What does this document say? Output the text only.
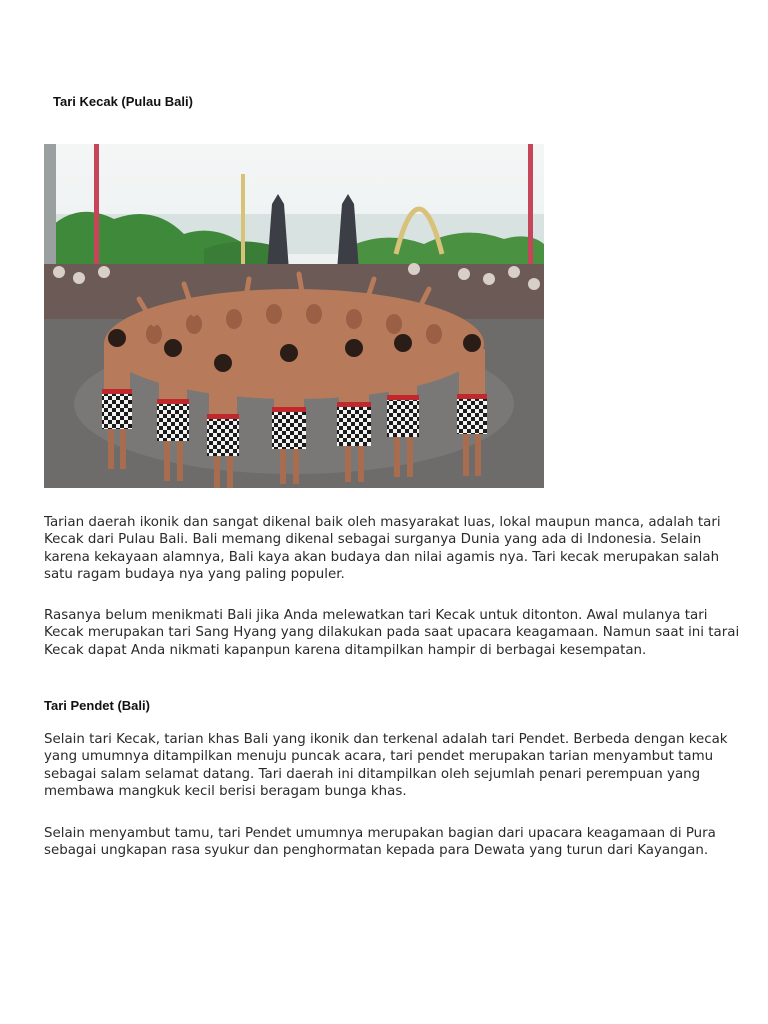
Tari Kecak (Pulau Bali)
Tarian daerah ikonik dan sangat dikenal baik oleh masyarakat luas, lokal maupun manca, adalah tari Kecak dari Pulau Bali. Bali memang dikenal sebagai surganya Dunia yang ada di Indonesia. Selain karena kekayaan alamnya, Bali kaya akan budaya dan nilai agamis nya. Tari kecak merupakan salah satu ragam budaya nya yang paling populer.
Rasanya belum menikmati Bali jika Anda melewatkan tari Kecak untuk ditonton. Awal mulanya tari Kecak merupakan tari Sang Hyang yang dilakukan pada saat upacara keagamaan. Namun saat ini tarai Kecak dapat Anda nikmati kapanpun karena ditampilkan hampir di berbagai kesempatan.
Tari Pendet (Bali)
Selain tari Kecak, tarian khas Bali yang ikonik dan terkenal adalah tari Pendet. Berbeda dengan kecak yang umumnya ditampilkan menuju puncak acara, tari pendet merupakan tarian menyambut tamu sebagai salam selamat datang. Tari daerah ini ditampilkan oleh sejumlah penari perempuan yang membawa mangkuk kecil berisi beragam bunga khas.
Selain menyambut tamu, tari Pendet umumnya merupakan bagian dari upacara keagamaan di Pura sebagai ungkapan rasa syukur dan penghormatan kepada para Dewata yang turun dari Kayangan.
